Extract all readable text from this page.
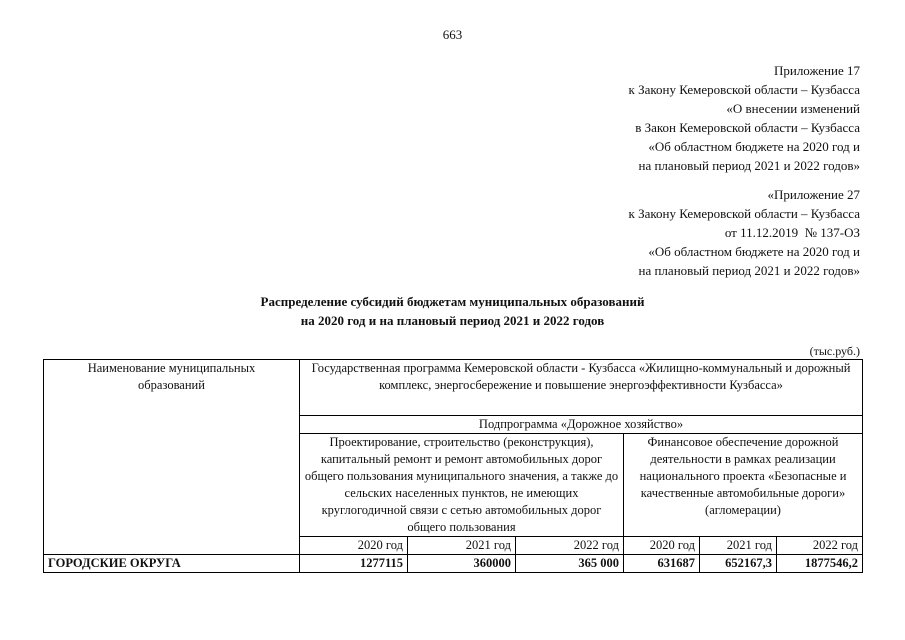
663
Приложение 17
к Закону Кемеровской области – Кузбасса
«О внесении изменений
в Закон Кемеровской области – Кузбасса
«Об областном бюджете на 2020 год и
на плановый период 2021 и 2022 годов»
«Приложение 27
к Закону Кемеровской области – Кузбасса
от 11.12.2019  № 137-ОЗ
«Об областном бюджете на 2020 год и
на плановый период 2021 и 2022 годов»
Распределение субсидий бюджетам муниципальных образований
на 2020 год и на плановый период 2021 и 2022 годов
(тыс.руб.)
Наименование муниципальных образований	Государственная программа Кемеровской области - Кузбасса «Жилищно-коммунальный и дорожный комплекс, энергосбережение и повышение энергоэффективности Кузбасса»					
	Подпрограмма «Дорожное хозяйство»					
	Проектирование, строительство (реконструкция), капитальный ремонт и ремонт автомобильных дорог общего пользования муниципального значения, а также до сельских населенных пунктов, не имеющих круглогодичной связи с сетью автомобильных дорог общего пользования			Финансовое обеспечение дорожной деятельности в рамках реализации национального проекта «Безопасные и качественные автомобильные дороги» (агломерации)		
	2020 год	2021 год	2022 год	2020 год	2021 год	2022 год
ГОРОДСКИЕ ОКРУГА	1277115	360000	365 000	631687	652167,3	1877546,2
